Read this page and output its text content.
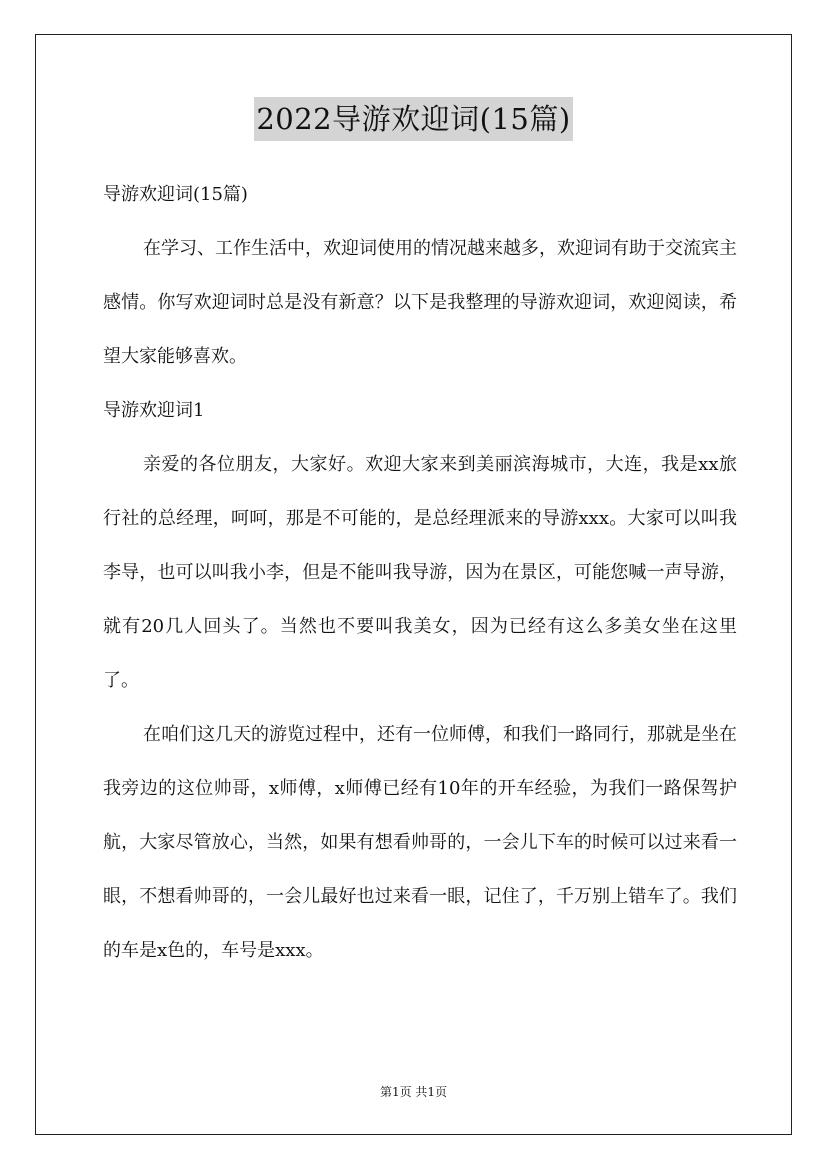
2022导游欢迎词(15篇)

导游欢迎词(15篇)

在学习、工作生活中，欢迎词使用的情况越来越多，欢迎词有助于交流宾主感情。你写欢迎词时总是没有新意？以下是我整理的导游欢迎词，欢迎阅读，希望大家能够喜欢。

导游欢迎词1

亲爱的各位朋友，大家好。欢迎大家来到美丽滨海城市，大连，我是xx旅行社的总经理，呵呵，那是不可能的，是总经理派来的导游xxx。大家可以叫我李导，也可以叫我小李，但是不能叫我导游，因为在景区，可能您喊一声导游，就有20几人回头了。当然也不要叫我美女，因为已经有这么多美女坐在这里了。

在咱们这几天的游览过程中，还有一位师傅，和我们一路同行，那就是坐在我旁边的这位帅哥，x师傅，x师傅已经有10年的开车经验，为我们一路保驾护航，大家尽管放心，当然，如果有想看帅哥的，一会儿下车的时候可以过来看一眼，不想看帅哥的，一会儿最好也过来看一眼，记住了，千万别上错车了。我们的车是x色的，车号是xxx。

第1页 共1页
